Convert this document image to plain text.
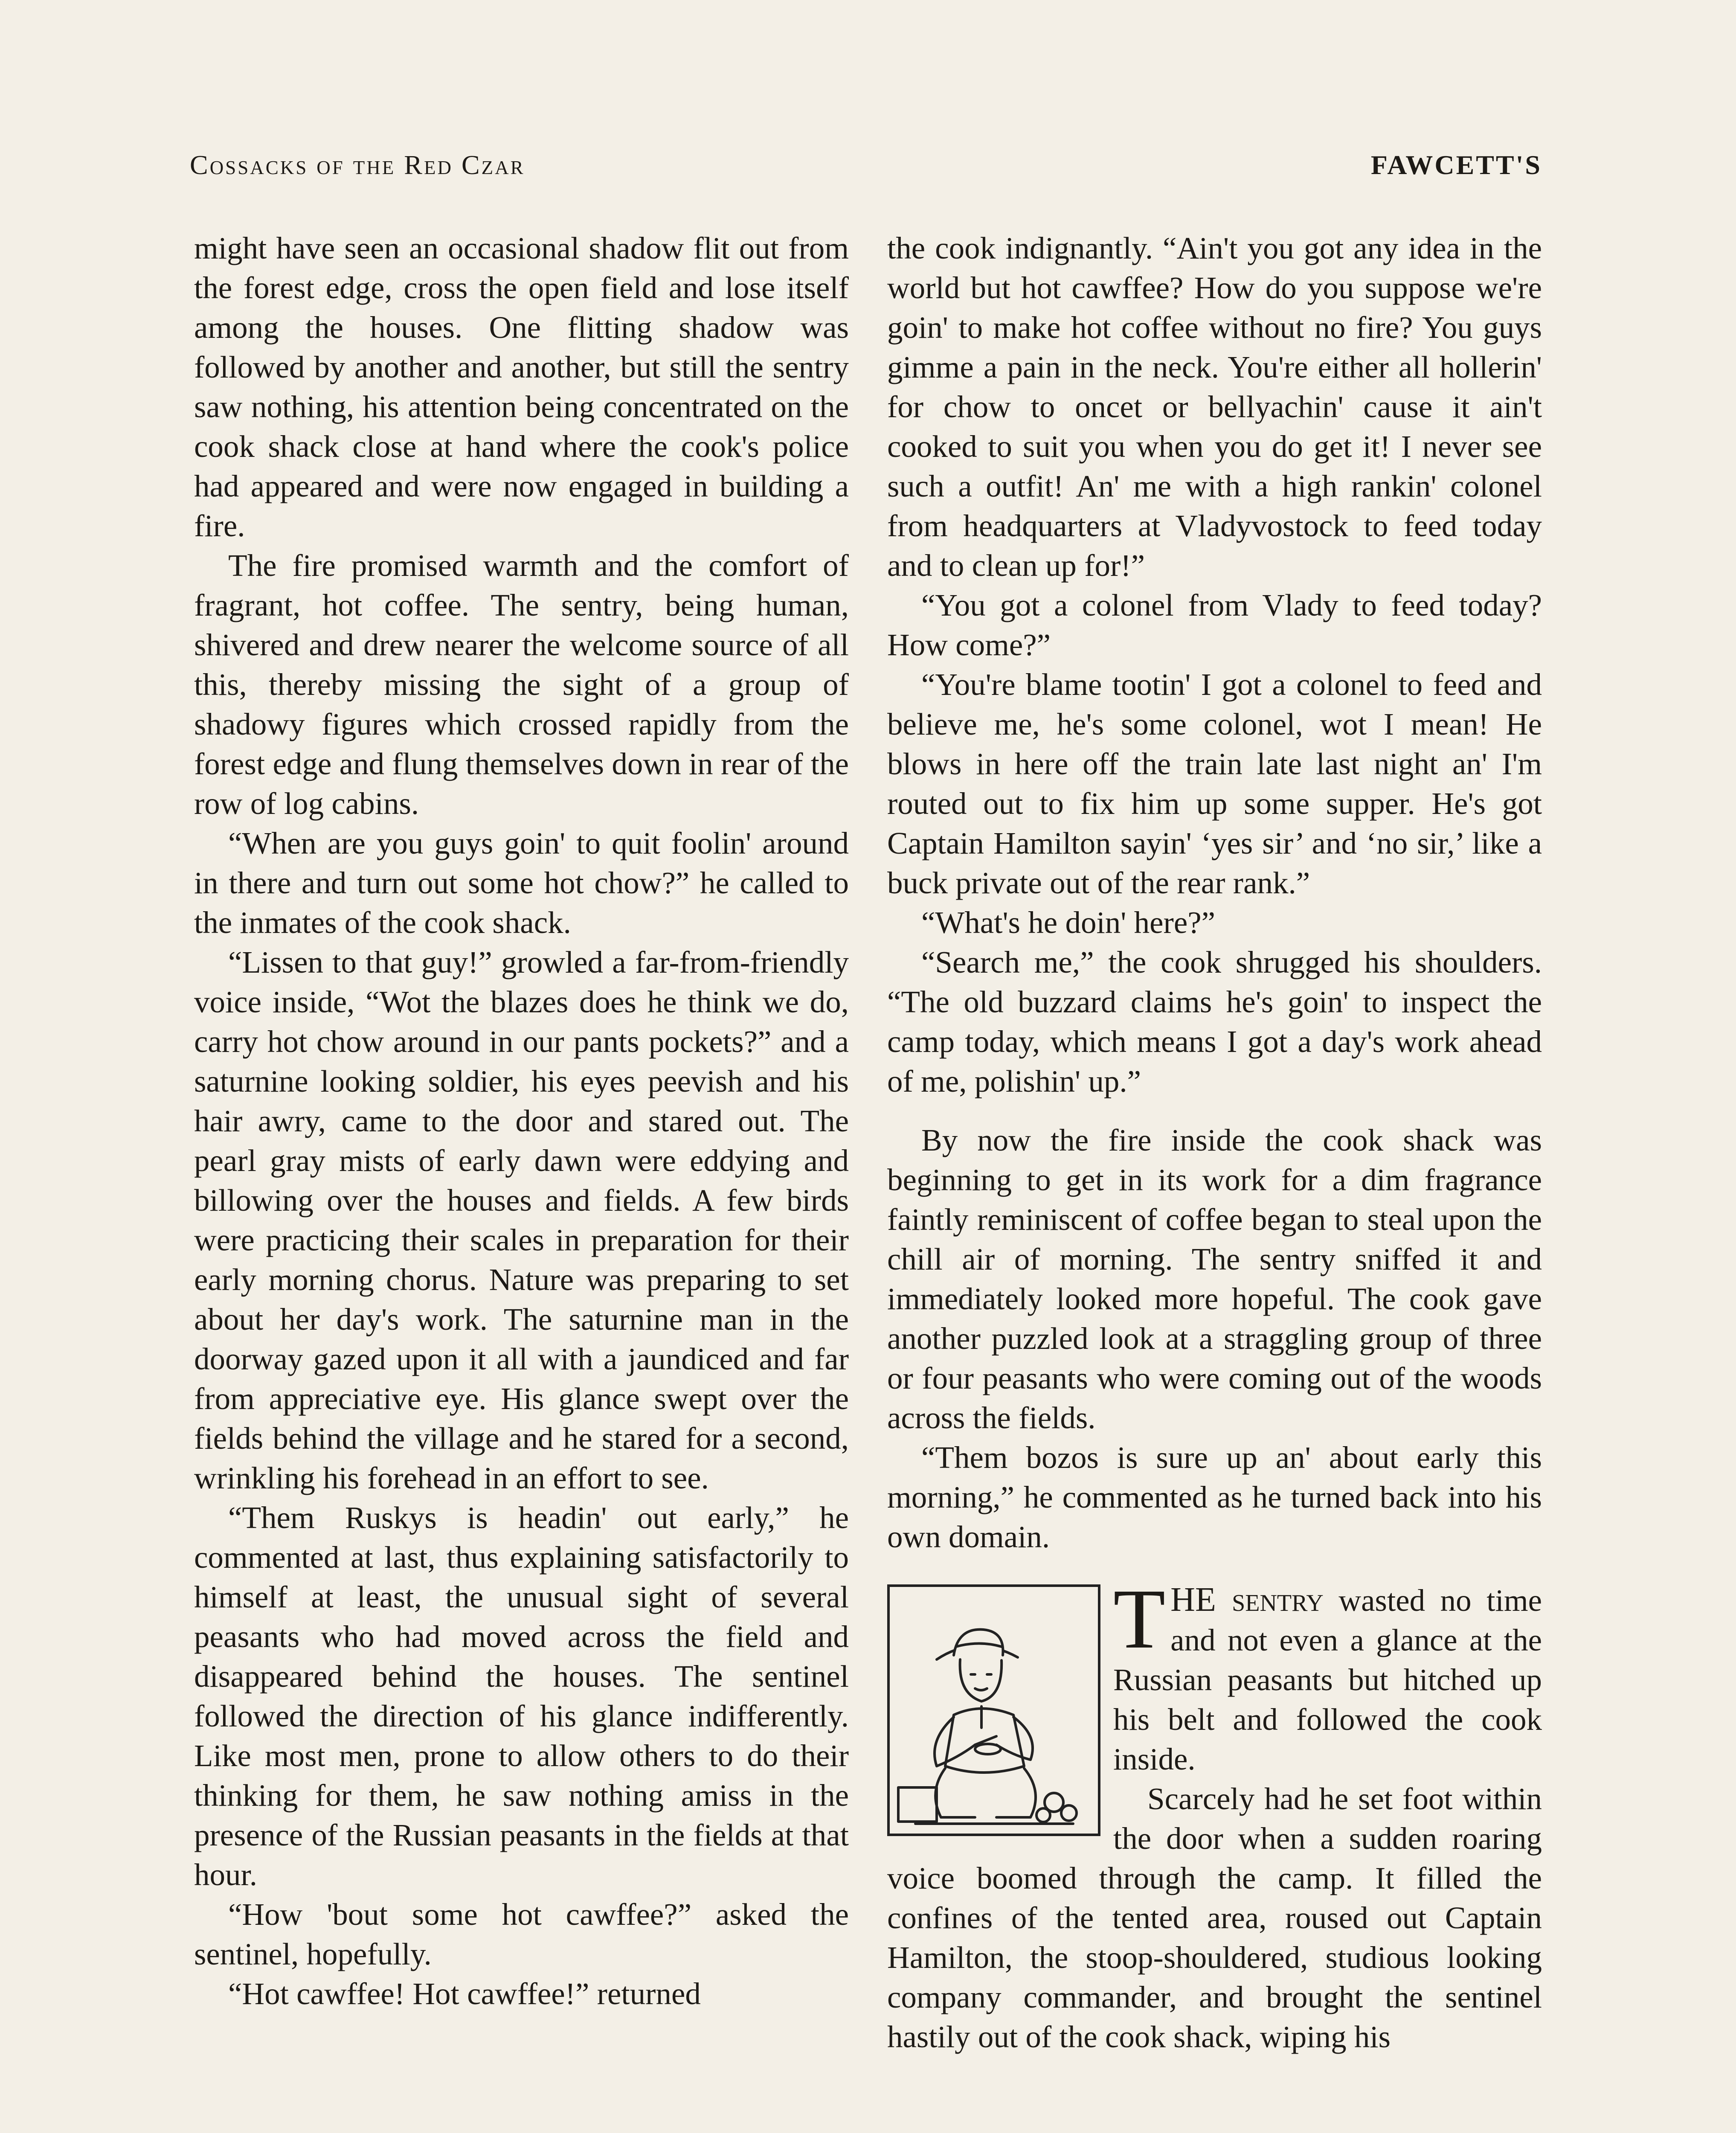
Cossacks of the Red Czar	FAWCETT'S

might have seen an occasional shadow flit out from the forest edge, cross the open field and lose itself among the houses. One flitting shadow was followed by another and another, but still the sentry saw nothing, his attention being concentrated on the cook shack close at hand where the cook's police had appeared and were now engaged in building a fire.

The fire promised warmth and the comfort of fragrant, hot coffee. The sentry, being human, shivered and drew nearer the welcome source of all this, thereby missing the sight of a group of shadowy figures which crossed rapidly from the forest edge and flung themselves down in rear of the row of log cabins.

“When are you guys goin' to quit foolin' around in there and turn out some hot chow?” he called to the inmates of the cook shack.

“Lissen to that guy!” growled a far-from-friendly voice inside, “Wot the blazes does he think we do, carry hot chow around in our pants pockets?” and a saturnine looking soldier, his eyes peevish and his hair awry, came to the door and stared out. The pearl gray mists of early dawn were eddying and billowing over the houses and fields. A few birds were practicing their scales in preparation for their early morning chorus. Nature was preparing to set about her day's work. The saturnine man in the doorway gazed upon it all with a jaundiced and far from appreciative eye. His glance swept over the fields behind the village and he stared for a second, wrinkling his forehead in an effort to see.

“Them Ruskys is headin' out early,” he commented at last, thus explaining satisfactorily to himself at least, the unusual sight of several peasants who had moved across the field and disappeared behind the houses. The sentinel followed the direction of his glance indifferently. Like most men, prone to allow others to do their thinking for them, he saw nothing amiss in the presence of the Russian peasants in the fields at that hour.

“How 'bout some hot cawffee?” asked the sentinel, hopefully.

“Hot cawffee! Hot cawffee!” returned

the cook indignantly. “Ain't you got any idea in the world but hot cawffee? How do you suppose we're goin' to make hot coffee without no fire? You guys gimme a pain in the neck. You're either all hollerin' for chow to oncet or bellyachin' cause it ain't cooked to suit you when you do get it! I never see such a outfit! An' me with a high rankin' colonel from headquarters at Vladyvostock to feed today and to clean up for!”

“You got a colonel from Vlady to feed today? How come?”

“You're blame tootin' I got a colonel to feed and believe me, he's some colonel, wot I mean! He blows in here off the train late last night an' I'm routed out to fix him up some supper. He's got Captain Hamilton sayin' ‘yes sir’ and ‘no sir,’ like a buck private out of the rear rank.”

“What's he doin' here?”

“Search me,” the cook shrugged his shoulders. “The old buzzard claims he's goin' to inspect the camp today, which means I got a day's work ahead of me, polishin' up.”

By now the fire inside the cook shack was beginning to get in its work for a dim fragrance faintly reminiscent of coffee began to steal upon the chill air of morning. The sentry sniffed it and immediately looked more hopeful. The cook gave another puzzled look at a straggling group of three or four peasants who were coming out of the woods across the fields.

“Them bozos is sure up an' about early this morning,” he commented as he turned back into his own domain.

THE sentry wasted no time and not even a glance at the Russian peasants but hitched up his belt and followed the cook inside.

Scarcely had he set foot within the door when a sudden roaring voice boomed through the camp. It filled the confines of the tented area, roused out Captain Hamilton, the stoop-shouldered, studious looking company commander, and brought the sentinel hastily out of the cook shack, wiping his
